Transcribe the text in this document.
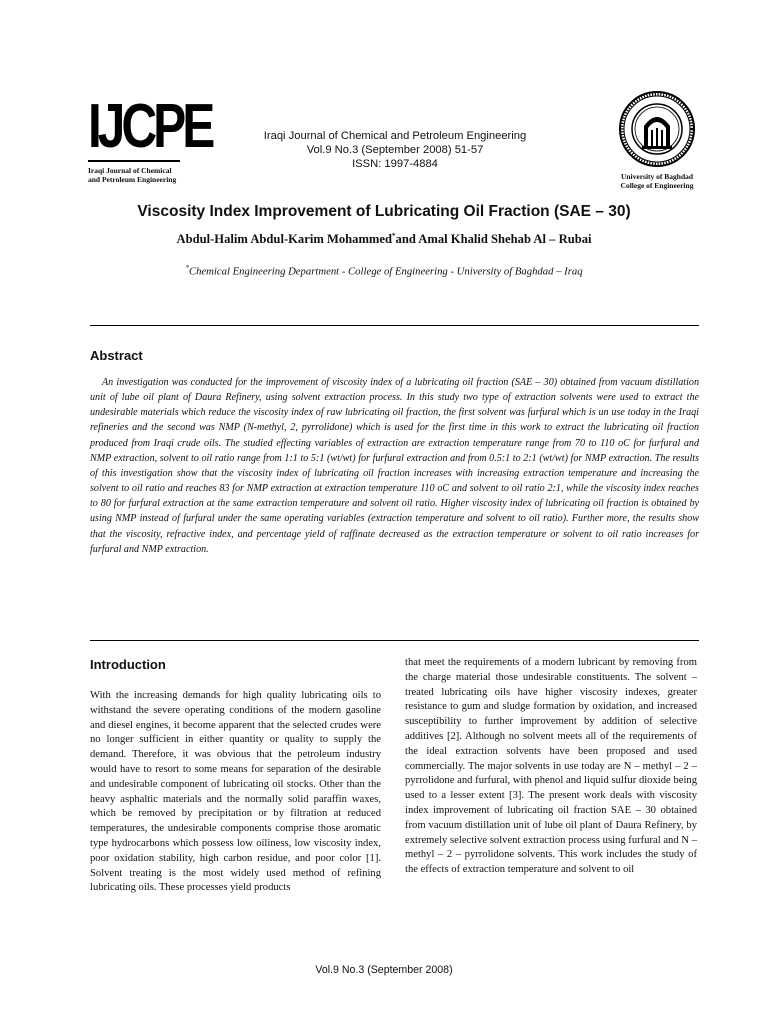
IJCPE
Iraqi Journal of Chemical
and Petroleum Engineering
Iraqi Journal of Chemical and Petroleum Engineering
Vol.9 No.3 (September 2008) 51-57
ISSN: 1997-4884
University of Baghdad
College of Engineering
Viscosity Index Improvement of Lubricating Oil Fraction (SAE – 30)
Abdul-Halim Abdul-Karim Mohammed*and Amal Khalid Shehab Al – Rubai
*Chemical Engineering Department - College of Engineering - University of Baghdad – Iraq
Abstract

An investigation was conducted for the improvement of viscosity index of a lubricating oil fraction (SAE – 30) obtained from vacuum distillation unit of lube oil plant of Daura Refinery, using solvent extraction process. In this study two type of extraction solvents were used to extract the undesirable materials which reduce the viscosity index of raw lubricating oil fraction, the first solvent was furfural which is un use today in the Iraqi refineries and the second was NMP (N-methyl, 2, pyrrolidone) which is used for the first time in this work to extract the lubricating oil fraction produced from Iraqi crude oils. The studied effecting variables of extraction are extraction temperature range from 70 to 110 oC for furfural and NMP extraction, solvent to oil ratio range from 1:1 to 5:1 (wt/wt) for furfural extraction and from 0.5:1 to 2:1 (wt/wt) for NMP extraction. The results of this investigation show that the viscosity index of lubricating oil fraction increases with increasing extraction temperature and increasing the solvent to oil ratio and reaches 83 for NMP extraction at extraction temperature 110 oC and solvent to oil ratio 2:1, while the viscosity index reaches to 80 for furfural extraction at the same extraction temperature and solvent oil ratio. Higher viscosity index of lubricating oil fraction is obtained by using NMP instead of furfural under the same operating variables (extraction temperature and solvent to oil ratio). Further more, the results show that the viscosity, refractive index, and percentage yield of raffinate decreased as the extraction temperature or solvent to oil ratio increases for furfural and NMP extraction.

Introduction

With the increasing demands for high quality lubricating oils to withstand the severe operating conditions of the modern gasoline and diesel engines, it become apparent that the selected crudes were no longer sufficient in either quantity or quality to supply the demand. Therefore, it was obvious that the petroleum industry would have to resort to some means for separation of the desirable and undesirable component of lubricating oil stocks. Other than the heavy asphaltic materials and the normally solid paraffin waxes, which be removed by precipitation or by filtration at reduced temperatures, the undesirable components comprise those aromatic type hydrocarbons which possess low oiliness, low viscosity index, poor oxidation stability, high carbon residue, and poor color [1]. Solvent treating is the most widely used method of refining lubricating oils. These processes yield products

that meet the requirements of a modern lubricant by removing from the charge material those undesirable constituents. The solvent – treated lubricating oils have higher viscosity indexes, greater resistance to gum and sludge formation by oxidation, and increased susceptibility to further improvement by addition of selective additives [2]. Although no solvent meets all of the requirements of the ideal extraction solvents have been proposed and used commercially. The major solvents in use today are N – methyl – 2 – pyrrolidone and furfural, with phenol and liquid sulfur dioxide being used to a lesser extent [3]. The present work deals with viscosity index improvement of lubricating oil fraction SAE – 30 obtained from vacuum distillation unit of lube oil plant of Daura Refinery, by extremely selective solvent extraction process using furfural and N – methyl – 2 – pyrrolidone solvents. This work includes the study of the effects of extraction temperature and solvent to oil

Vol.9 No.3 (September 2008)
